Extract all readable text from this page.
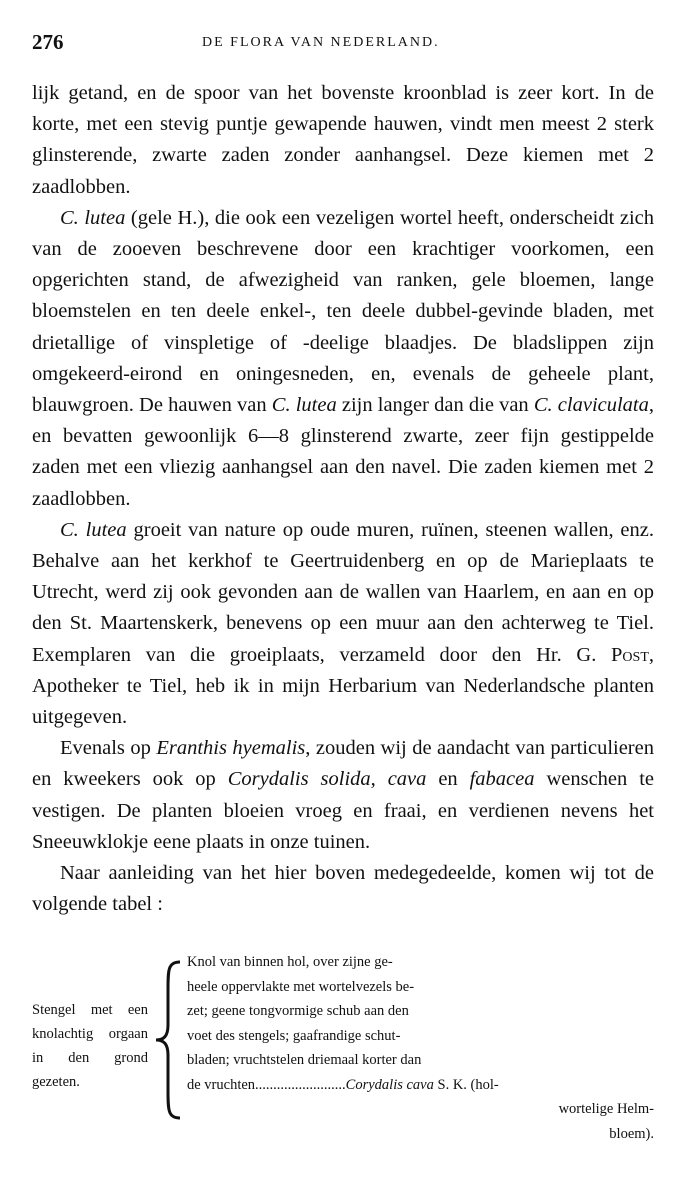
276	DE FLORA VAN NEDERLAND.

lijk getand, en de spoor van het bovenste kroonblad is zeer kort. In de korte, met een stevig puntje gewapende hauwen, vindt men meest 2 sterk glinsterende, zwarte zaden zonder aanhangsel. Deze kiemen met 2 zaadlobben.

C. lutea (gele H.), die ook een vezeligen wortel heeft, onderscheidt zich van de zooeven beschrevene door een krachtiger voorkomen, een opgerichten stand, de afwezigheid van ranken, gele bloemen, lange bloemstelen en ten deele enkel-, ten deele dubbel-gevinde bladen, met drietallige of vinspletige of -deelige blaadjes. De bladslippen zijn omgekeerd-eirond en oningesneden, en, evenals de geheele plant, blauwgroen. De hauwen van C. lutea zijn langer dan die van C. claviculata, en bevatten gewoonlijk 6—8 glinsterend zwarte, zeer fijn gestippelde zaden met een vliezig aanhangsel aan den navel. Die zaden kiemen met 2 zaadlobben.

C. lutea groeit van nature op oude muren, ruïnen, steenen wallen, enz. Behalve aan het kerkhof te Geertruidenberg en op de Marieplaats te Utrecht, werd zij ook gevonden aan de wallen van Haarlem, en aan en op den St. Maartenskerk, benevens op een muur aan den achterweg te Tiel. Exemplaren van die groeiplaats, verzameld door den Hr. G. Post, Apotheker te Tiel, heb ik in mijn Herbarium van Nederlandsche planten uitgegeven.

Evenals op Eranthis hyemalis, zouden wij de aandacht van particulieren en kweekers ook op Corydalis solida, cava en fabacea wenschen te vestigen. De planten bloeien vroeg en fraai, en verdienen nevens het Sneeuwklokje eene plaats in onze tuinen.

Naar aanleiding van het hier boven medegedeelde, komen wij tot de volgende tabel :

Stengel met een knolachtig orgaan in den grond gezeten.
Knol van binnen hol, over zijne ge-
heele oppervlakte met wortelvezels be-
zet; geene tongvormige schub aan den
voet des stengels; gaafrandige schut-
bladen; vruchtstelen driemaal korter dan
de vruchten.........................Corydalis cava S. K. (hol-
wortelige Helm-
bloem).
